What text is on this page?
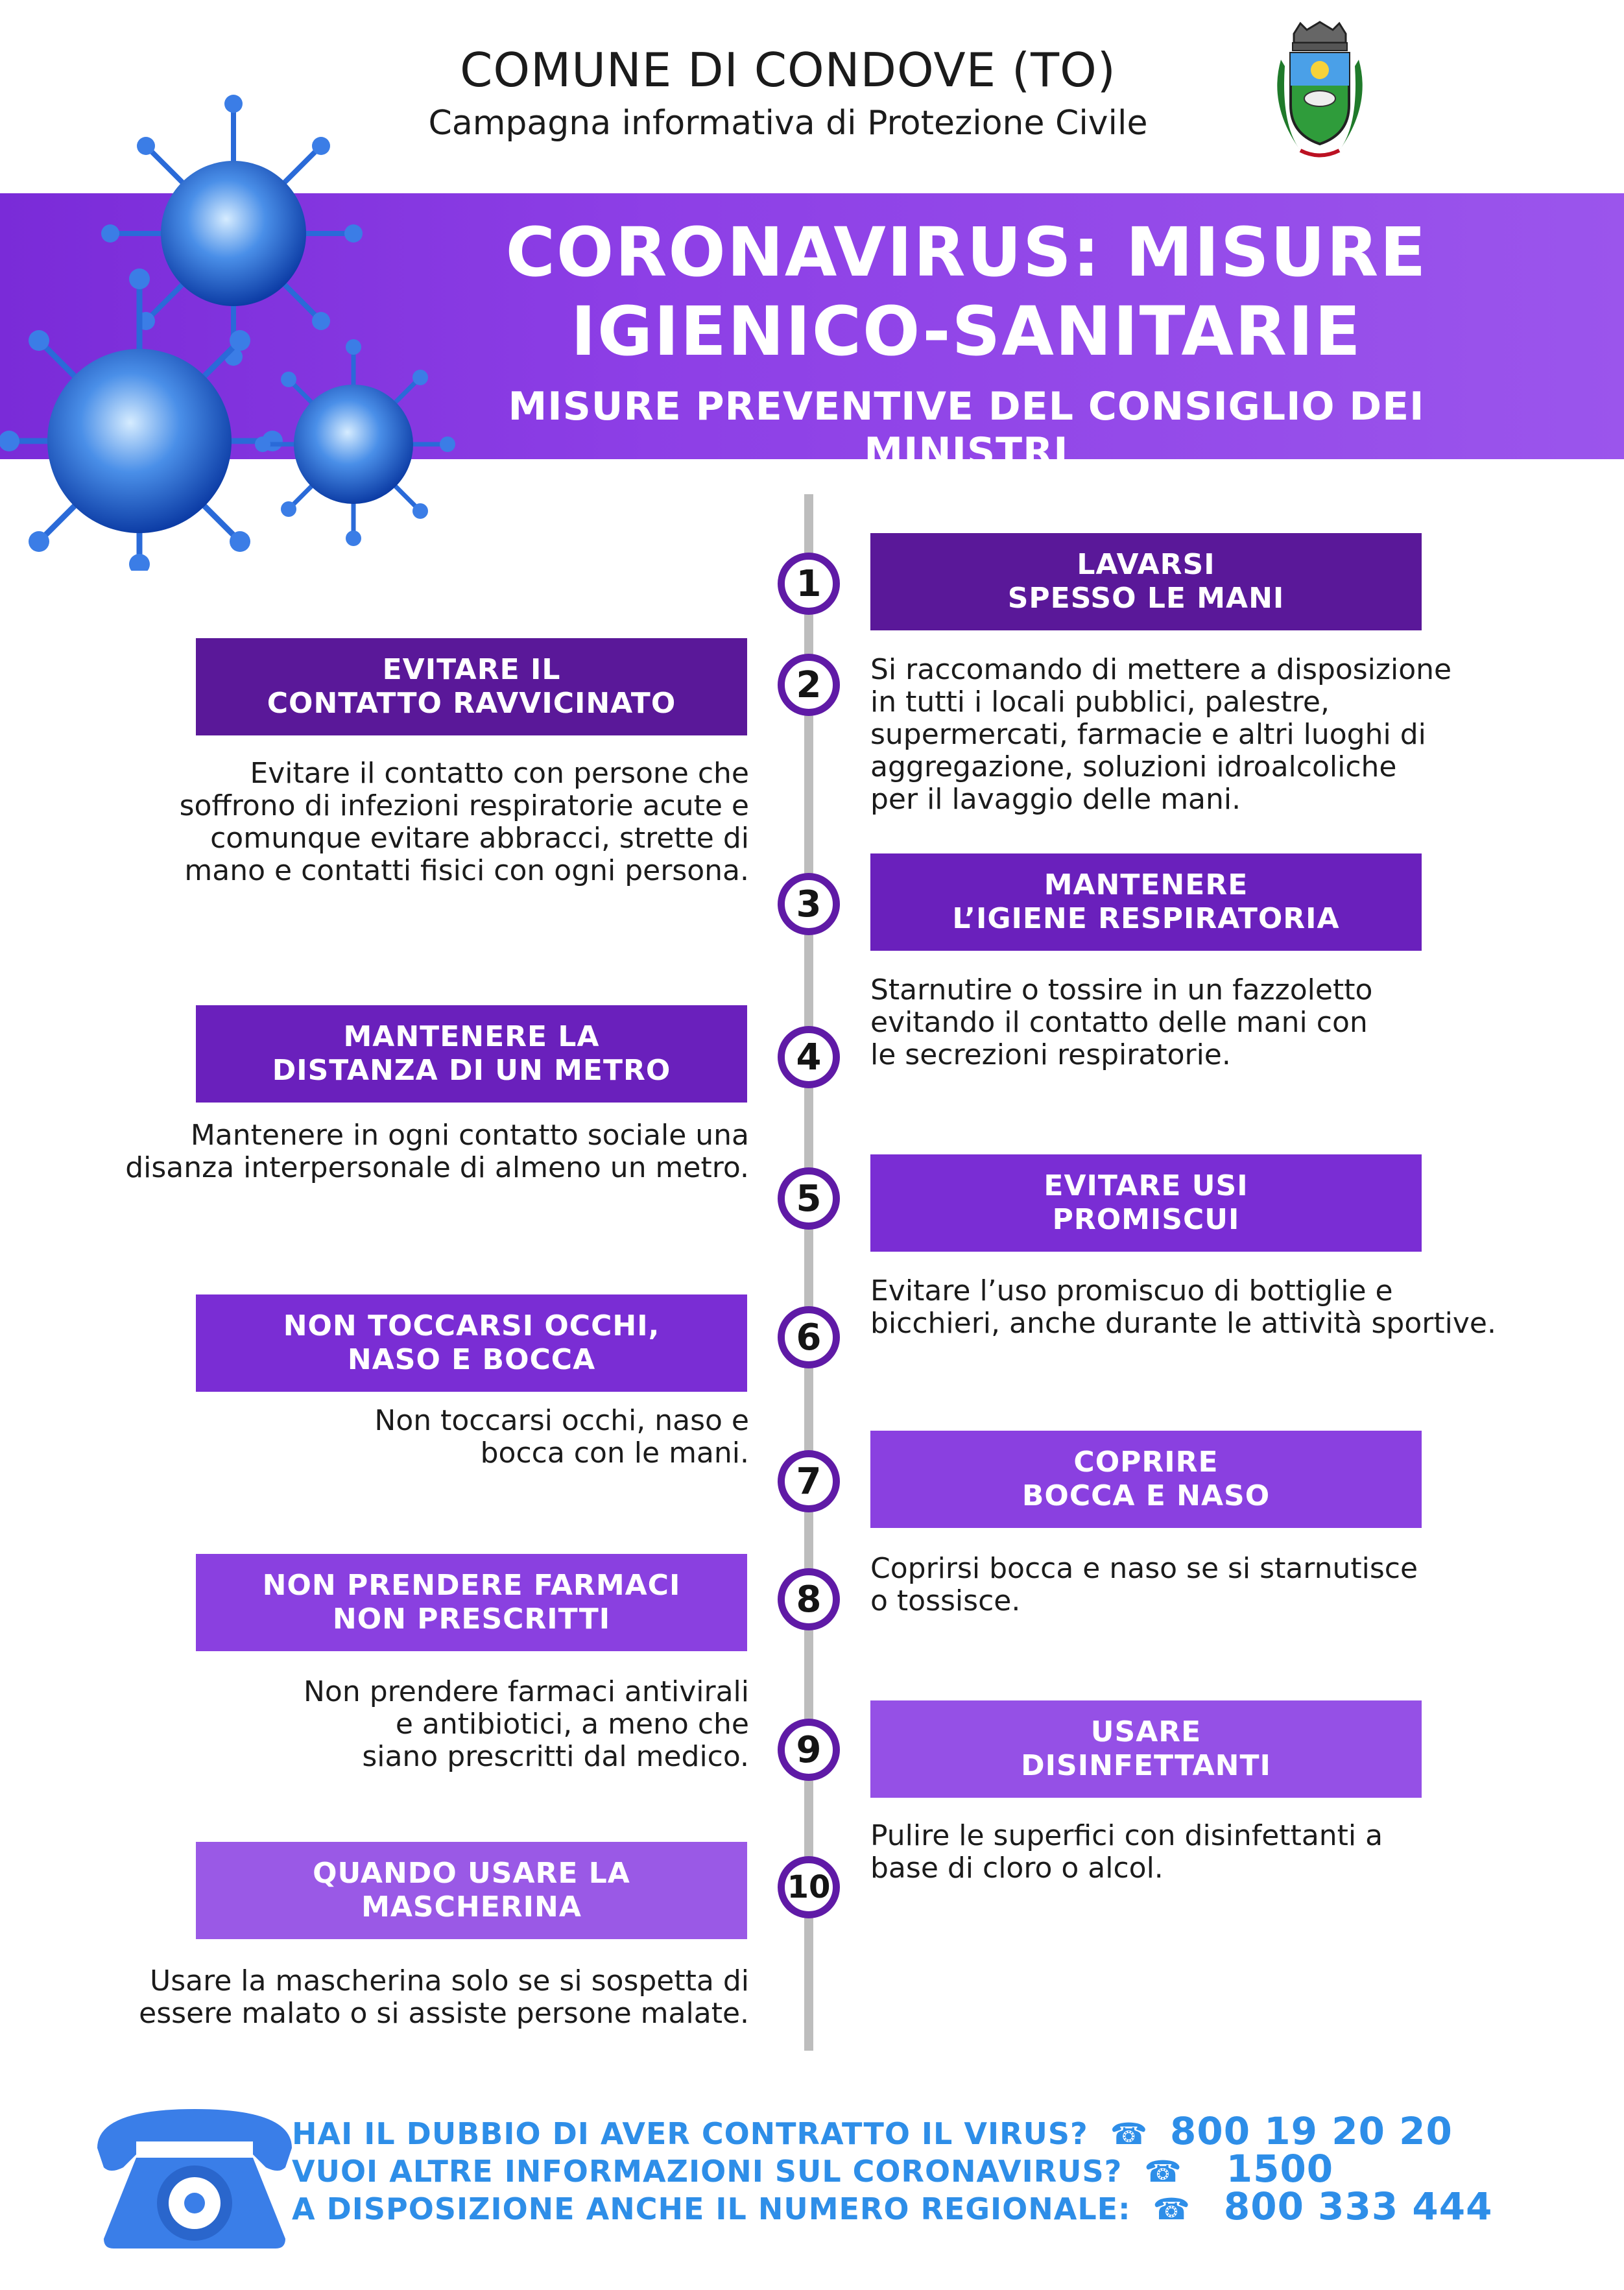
COMUNE DI CONDOVE (TO)
Campagna informativa di Protezione Civile
CORONAVIRUS: MISURE
IGIENICO-SANITARIE
MISURE PREVENTIVE DEL CONSIGLIO DEI MINISTRI
1	LAVARSI
SPESSO LE MANI
Si raccomando di mettere a disposizione
in tutti i locali pubblici, palestre,
supermercati, farmacie e altri luoghi di
aggregazione, soluzioni idroalcoliche
per il lavaggio delle mani.
2
EVITARE IL
CONTATTO RAVVICINATO
Evitare il contatto con persone che
soffrono di infezioni respiratorie acute e
comunque evitare abbracci, strette di
mano e contatti fisici con ogni persona.
3	MANTENERE
L’IGIENE RESPIRATORIA
Starnutire o tossire in un fazzoletto
evitando il contatto delle mani con
le secrezioni respiratorie.
4
MANTENERE LA
DISTANZA DI UN METRO
Mantenere in ogni contatto sociale una
disanza interpersonale di almeno un metro.
5	EVITARE USI
PROMISCUI
Evitare l’uso promiscuo di bottiglie e
bicchieri, anche durante le attività sportive.
6
NON TOCCARSI OCCHI,
NASO E BOCCA
Non toccarsi occhi, naso e
bocca con le mani.
7	COPRIRE
BOCCA E NASO
Coprirsi bocca e naso se si starnutisce
o tossisce.
8
NON PRENDERE FARMACI
NON PRESCRITTI
Non prendere farmaci antivirali
e antibiotici, a meno che
siano prescritti dal medico.	9	USARE
DISINFETTANTI
Pulire le superfici con disinfettanti a
base di cloro o alcol.
10
QUANDO USARE LA
MASCHERINA
Usare la mascherina solo se si sospetta di
essere malato o si assiste persone malate.
HAI IL DUBBIO DI AVER CONTRATTO IL VIRUS?  ☎  800 19 20 20
VUOI ALTRE INFORMAZIONI SUL CORONAVIRUS?  ☎    1500
A DISPOSIZIONE ANCHE IL NUMERO REGIONALE:  ☎   800 333 444
